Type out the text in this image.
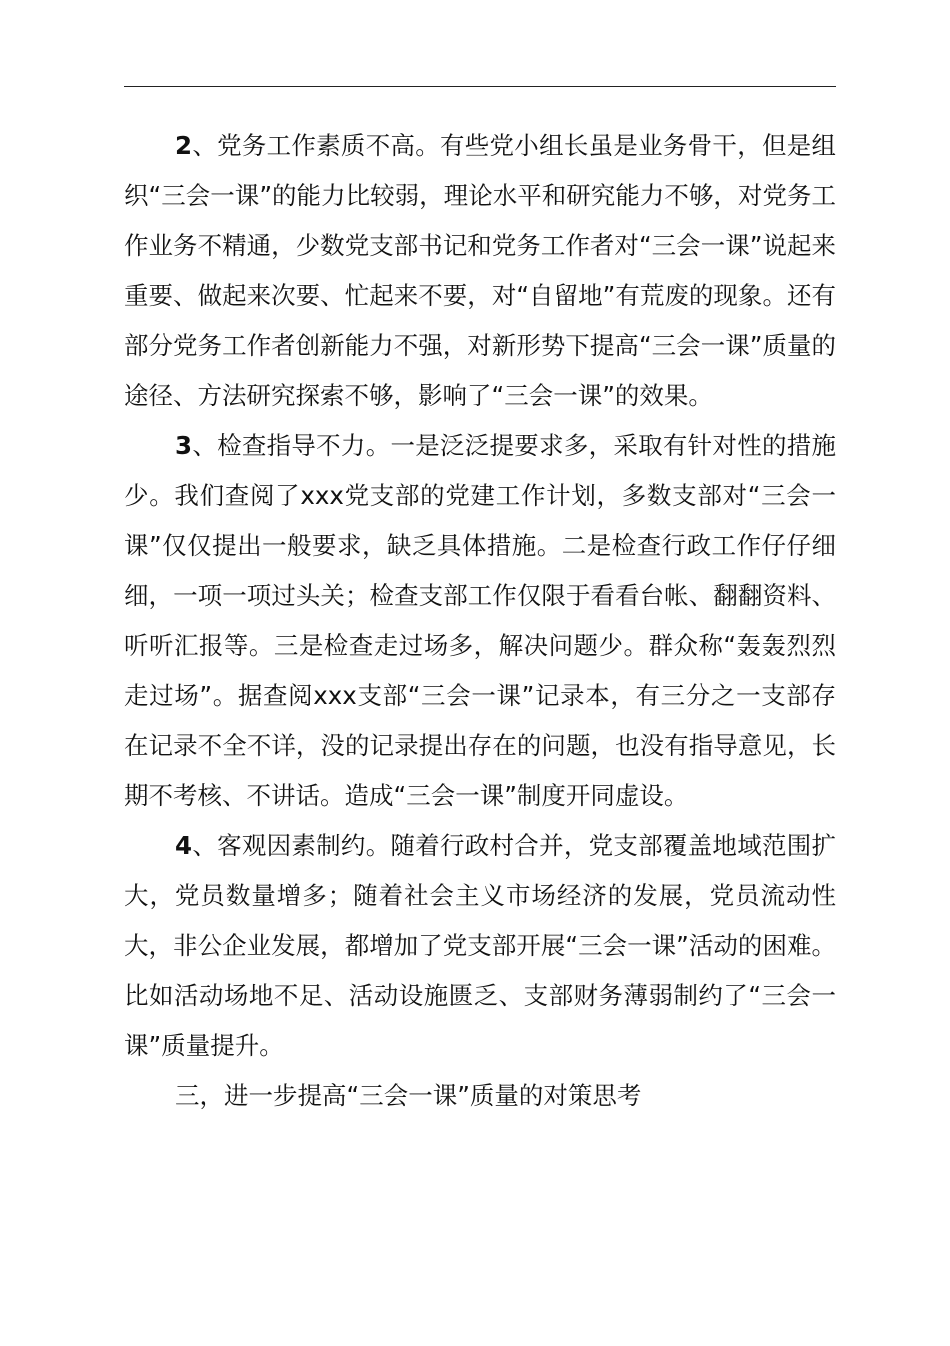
2、党务工作素质不高。有些党小组长虽是业务骨干，但是组织“三会一课”的能力比较弱，理论水平和研究能力不够，对党务工作业务不精通，少数党支部书记和党务工作者对“三会一课”说起来重要、做起来次要、忙起来不要，对“自留地”有荒废的现象。还有部分党务工作者创新能力不强，对新形势下提高“三会一课”质量的途径、方法研究探索不够，影响了“三会一课”的效果。

3、检查指导不力。一是泛泛提要求多，采取有针对性的措施少。我们查阅了xxx党支部的党建工作计划，多数支部对“三会一课”仅仅提出一般要求，缺乏具体措施。二是检查行政工作仔仔细细，一项一项过头关；检查支部工作仅限于看看台帐、翻翻资料、听听汇报等。三是检查走过场多，解决问题少。群众称“轰轰烈烈走过场”。据查阅xxx支部“三会一课”记录本，有三分之一支部存在记录不全不详，没的记录提出存在的问题，也没有指导意见，长期不考核、不讲话。造成“三会一课”制度开同虚设。

4、客观因素制约。随着行政村合并，党支部覆盖地域范围扩大，党员数量增多；随着社会主义市场经济的发展，党员流动性大，非公企业发展，都增加了党支部开展“三会一课”活动的困难。比如活动场地不足、活动设施匮乏、支部财务薄弱制约了“三会一课”质量提升。

三，进一步提高“三会一课”质量的对策思考
